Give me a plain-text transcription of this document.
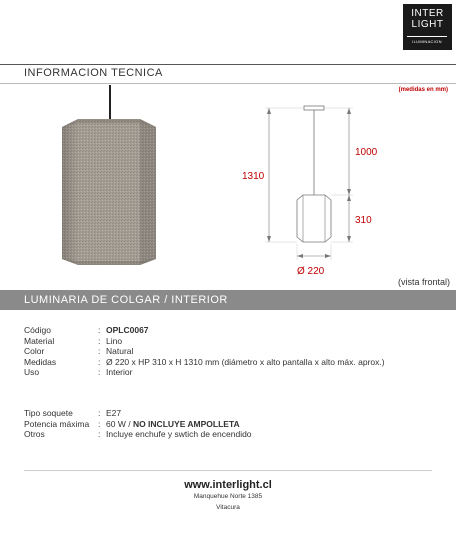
INTER
LIGHT
ILUMINACION
INFORMACION TECNICA
(medidas en mm)
1310
1000
310
Ø 220
(vista frontal)
LUMINARIA DE COLGAR / INTERIOR
Código	: OPLC0067
Material	: Lino
Color	: Natural
Medidas	: Ø 220 x HP 310 x H 1310 mm (diámetro x alto pantalla x alto máx. aprox.)
Uso	: Interior
Tipo soquete	: E27
Potencia máxima : 60 W / NO INCLUYE AMPOLLETA
Otros	: Incluye enchufe y swtich de encendido
www.interlight.cl
Manquehue Norte 1385
Vitacura
